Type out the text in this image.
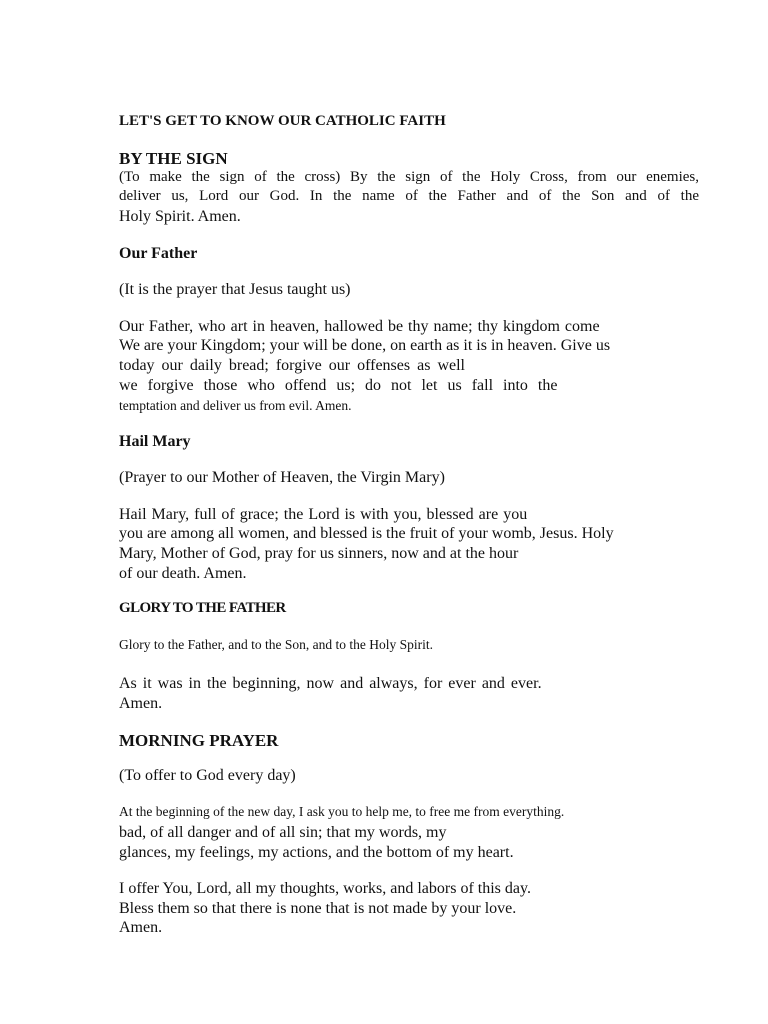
LET'S GET TO KNOW OUR CATHOLIC FAITH
BY THE SIGN
(To make the sign of the cross) By the sign of the Holy Cross, from our enemies,
deliver us, Lord our God. In the name of the Father and of the Son and of the
Holy Spirit. Amen.
Our Father
(It is the prayer that Jesus taught us)
Our Father, who art in heaven, hallowed be thy name; thy kingdom come
We are your Kingdom; your will be done, on earth as it is in heaven. Give us
today our daily bread; forgive our offenses as well
we forgive those who offend us; do not let us fall into the
temptation and deliver us from evil. Amen.
Hail Mary
(Prayer to our Mother of Heaven, the Virgin Mary)
Hail Mary, full of grace; the Lord is with you, blessed are you
you are among all women, and blessed is the fruit of your womb, Jesus. Holy
Mary, Mother of God, pray for us sinners, now and at the hour
of our death. Amen.
GLORY TO THE FATHER
Glory to the Father, and to the Son, and to the Holy Spirit.
As it was in the beginning, now and always, for ever and ever.
Amen.
MORNING PRAYER
(To offer to God every day)
At the beginning of the new day, I ask you to help me, to free me from everything.
bad, of all danger and of all sin; that my words, my
glances, my feelings, my actions, and the bottom of my heart.
I offer You, Lord, all my thoughts, works, and labors of this day.
Bless them so that there is none that is not made by your love.
Amen.
